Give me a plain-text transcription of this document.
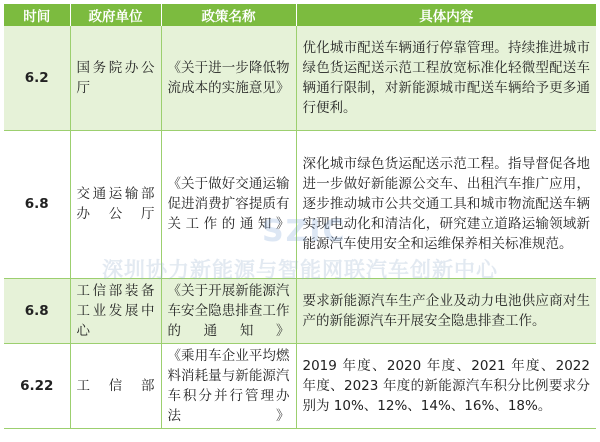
时间	政府单位	政策名称	具体内容
6.2	国务院办公厅	《关于进一步降低物流成本的实施意见》	优化城市配送车辆通行停靠管理。持续推进城市绿色货运配送示范工程放宽标准化轻微型配送车辆通行限制，对新能源城市配送车辆给予更多通行便利。
6.8	交通运输部办公厅	《关于做好交通运输促进消费扩容提质有关工作的通知》	深化城市绿色货运配送示范工程。指导督促各地进一步做好新能源公交车、出租汽车推广应用，逐步推动城市公共交通工具和城市物流配送车辆实现电动化和清洁化，研究建立道路运输领域新能源汽车使用安全和运维保养相关标准规范。
6.8	工信部装备工业发展中心	《关于开展新能源汽车安全隐患排查工作的通知》	要求新能源汽车生产企业及动力电池供应商对生产的新能源汽车开展安全隐患排查工作。
6.22	工信部	《乘用车企业平均燃料消耗量与新能源汽车积分并行管理办法》	2019 年度、2020 年度、2021 年度、2022 年度、2023 年度的新能源汽车积分比例要求分别为 10%、12%、14%、16%、18%。
SZIC
深圳协力新能源与智能网联汽车创新中心
